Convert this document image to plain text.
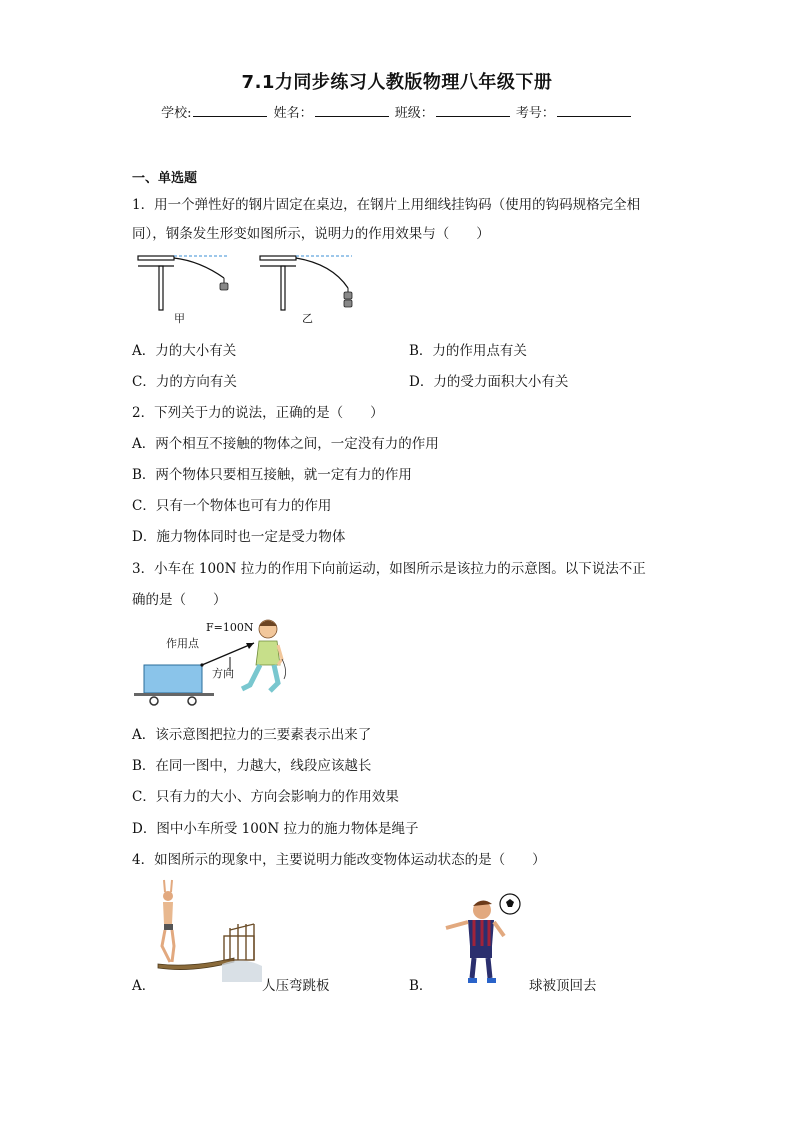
7.1力同步练习人教版物理八年级下册
学校:	姓名：	班级：	考号：
一、单选题
1．用一个弹性好的钢片固定在桌边，在钢片上用细线挂钩码（使用的钩码规格完全相
同），钢条发生形变如图所示，说明力的作用效果与（　　）
甲	乙
A．力的大小有关	B．力的作用点有关
C．力的方向有关	D．力的受力面积大小有关
2．下列关于力的说法，正确的是（　　）
A．两个相互不接触的物体之间，一定没有力的作用
B．两个物体只要相互接触，就一定有力的作用
C．只有一个物体也可有力的作用
D．施力物体同时也一定是受力物体
3．小车在 100N 拉力的作用下向前运动，如图所示是该拉力的示意图。以下说法不正
确的是（　　）
F=100N
作用点
方向
A．该示意图把拉力的三要素表示出来了
B．在同一图中，力越大，线段应该越长
C．只有力的大小、方向会影响力的作用效果
D．图中小车所受 100N 拉力的施力物体是绳子
4．如图所示的现象中，主要说明力能改变物体运动状态的是（　　）
A．	人压弯跳板	B．	球被顶回去
